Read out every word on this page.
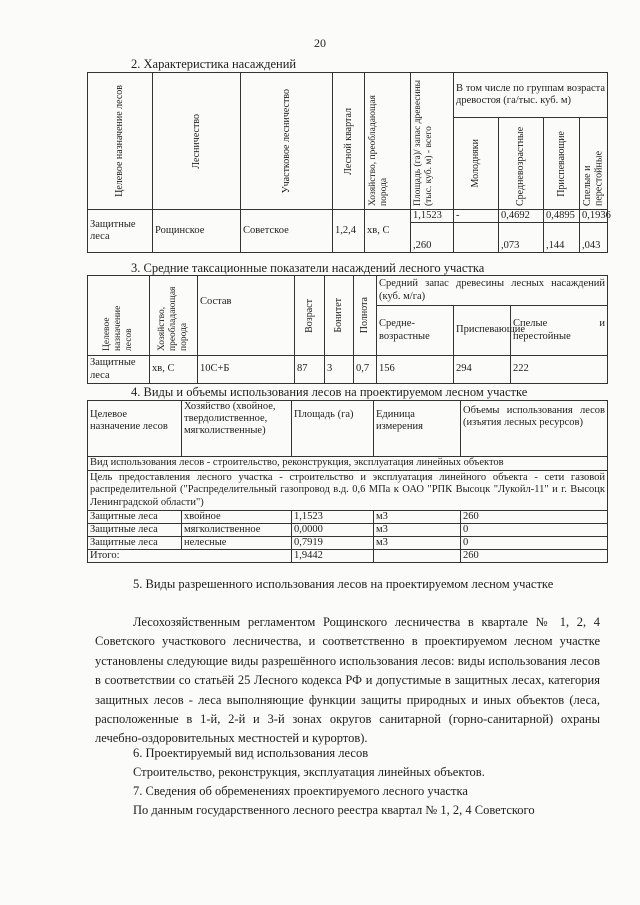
20
2. Характеристика насаждений
Целевое назначение лесов	Лесничество	Участковое лесничество	Лесной квартал	Хозяйство, преобладающая порода	Площадь (га)/ запас древесины (тыс. куб. м) - всего	В том числе по группам возраста древостоя (га/тыс. куб. м)			

						Молодняки	Средневозрастные	Приспевающие	Спелые и перестойные

Защитные леса	Рощинское	Советское	1,2,4	хв, С	1,1523	-	0,4692	0,4895	0,1936
					,260		,073	,144	,043
3. Средние таксационные показатели насаждений лесного участка
Целевое назначение лесов	Хозяйство, преобладающая порода	Состав	Возраст	Бонитет	Полнота	Средний запас древесины лесных насаждений (куб. м/га)		
						Средне-возрастные	Приспевающие	Спелые и перестойные
Защитные леса	хв, С	10С+Б	87	3	0,7	156	294	222
4. Виды и объемы использования лесов на проектируемом лесном участке
Целевое назначение лесов	Хозяйство (хвойное, твердолиственное, мягколиственные)	Площадь (га)	Единица измерения	Объемы использования лесов (изъятия лесных ресурсов)
Вид использования лесов - строительство, реконструкция, эксплуатация линейных объектов				
Цель предоставления лесного участка - строительство и эксплуатация линейного объекта - сети газовой распределительной ("Распределительный газопровод в.д. 0,6 МПа к ОАО "РПК Высоцк "Лукойл-11" и г. Высоцк Ленинградской области")				
Защитные леса	хвойное	1,1523	м3	260
Защитные леса	мягколиственное	0,0000	м3	0
Защитные леса	нелесные	0,7919	м3	0
Итого:		1,9442		260
5. Виды разрешенного использования лесов на проектируемом лесном участке
Лесохозяйственным регламентом Рощинского лесничества в квартале № 1, 2, 4 Советского участкового лесничества, и соответственно в проектируемом лесном участке установлены следующие виды разрешённого использования лесов: виды использования лесов в соответствии со статьёй 25 Лесного кодекса РФ и допустимые в защитных лесах, категория защитных лесов - леса выполняющие функции защиты природных и иных объектов (леса, расположенные в 1-й, 2-й и 3-й зонах округов санитарной (горно-санитарной) охраны лечебно-оздоровительных местностей и курортов).
6. Проектируемый вид использования лесов
Строительство, реконструкция, эксплуатация линейных объектов.
7. Сведения об обременениях проектируемого лесного участка
По данным государственного лесного реестра квартал № 1, 2, 4 Советского
